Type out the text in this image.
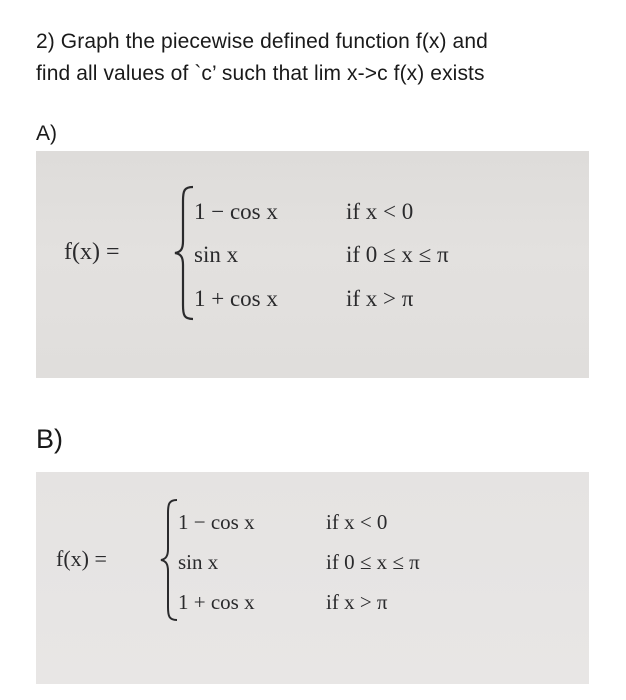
2) Graph the piecewise defined function f(x) and
find all values of `c’ such that lim x->c f(x) exists
A)
f(x) =
1 − cos x
sin x
1 + cos x
if x < 0
if 0 ≤ x ≤ π
if x > π
B)
f(x) =
1 − cos x
sin x
1 + cos x
if x < 0
if 0 ≤ x ≤ π
if x > π
